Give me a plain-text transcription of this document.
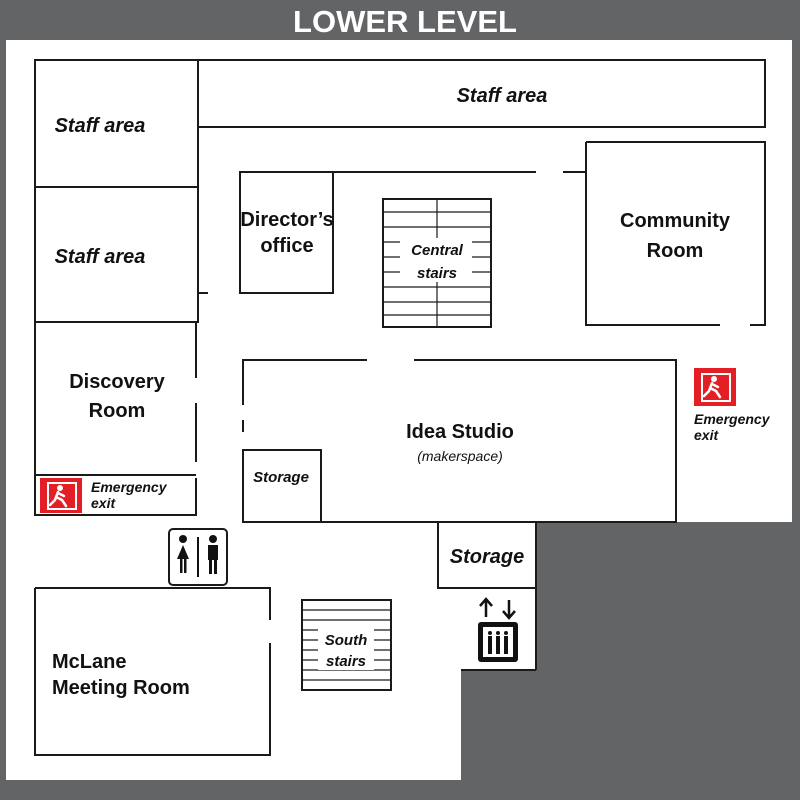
LOWER LEVEL
Staff area
Staff area
Staff area
Discovery
Room
Emergency
exit
Director’s
office	Central
stairs
Community
Room
Emergency
exit
Idea Studio
(makerspace)
Storage
Storage
McLane
Meeting Room
South
stairs
